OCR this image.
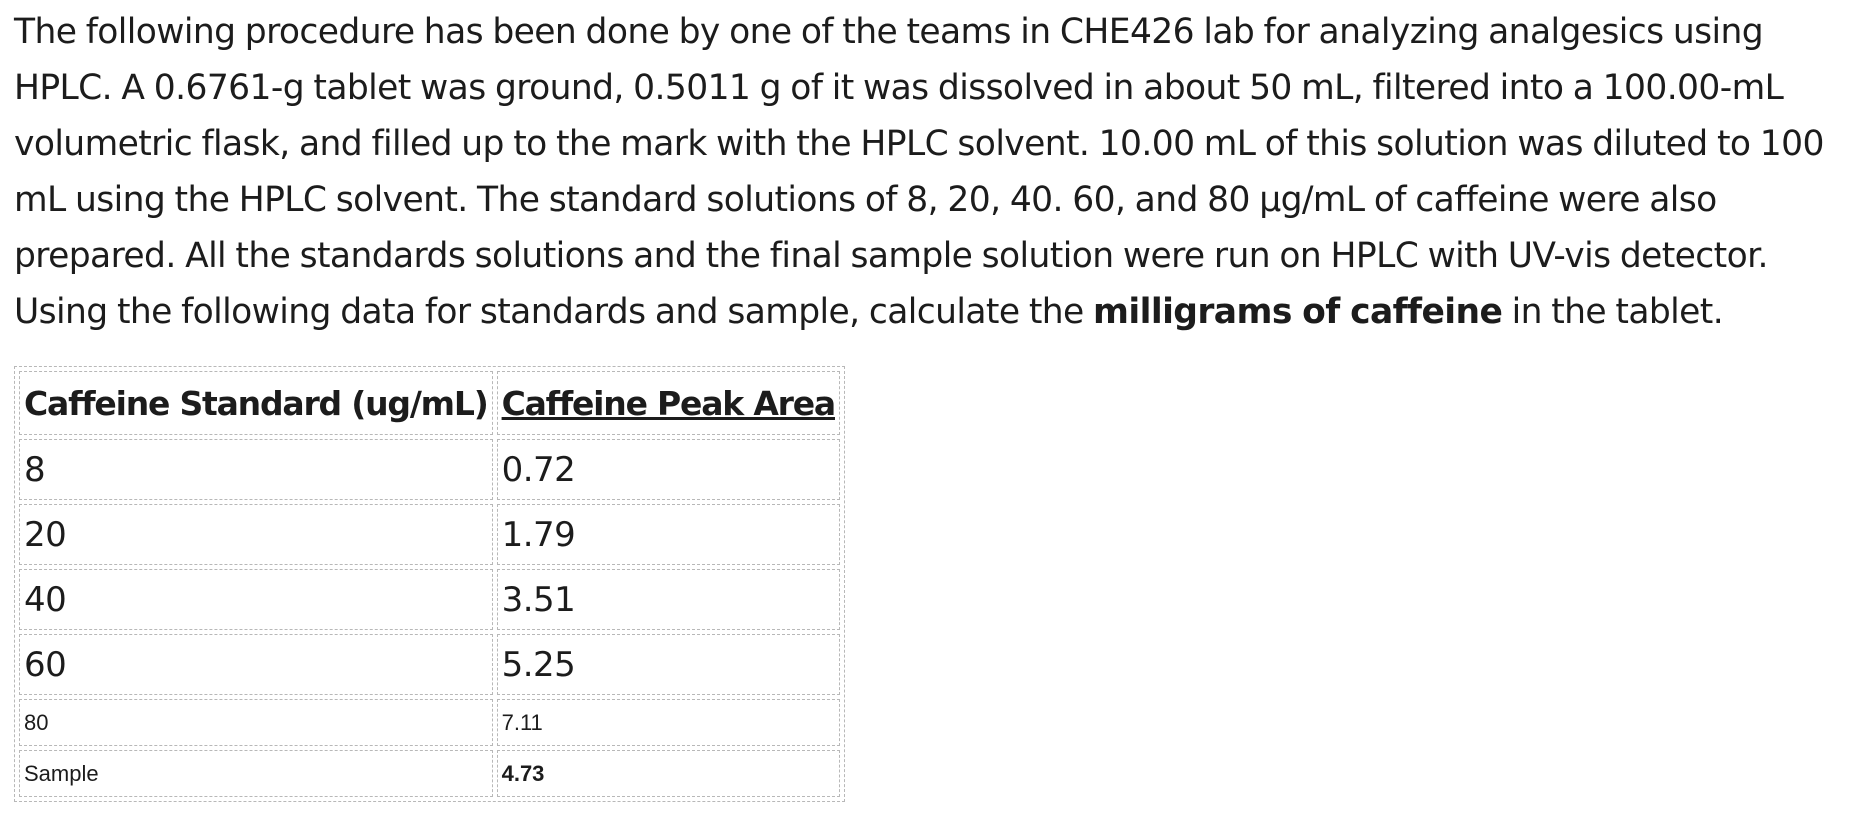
The following procedure has been done by one of the teams in CHE426 lab for analyzing analgesics using
HPLC. A 0.6761-g tablet was ground, 0.5011 g of it was dissolved in about 50 mL, filtered into a 100.00-mL
volumetric flask, and filled up to the mark with the HPLC solvent. 10.00 mL of this solution was diluted to 100
mL using the HPLC solvent. The standard solutions of 8, 20, 40. 60, and 80 μg/mL of caffeine were also
prepared. All the standards solutions and the final sample solution were run on HPLC with UV-vis detector.
Using the following data for standards and sample, calculate the milligrams of caffeine in the tablet.
Caffeine Standard (ug/mL)	Caffeine Peak Area
8	0.72
20	1.79
40	3.51
60	5.25
80	7.11
Sample	4.73
